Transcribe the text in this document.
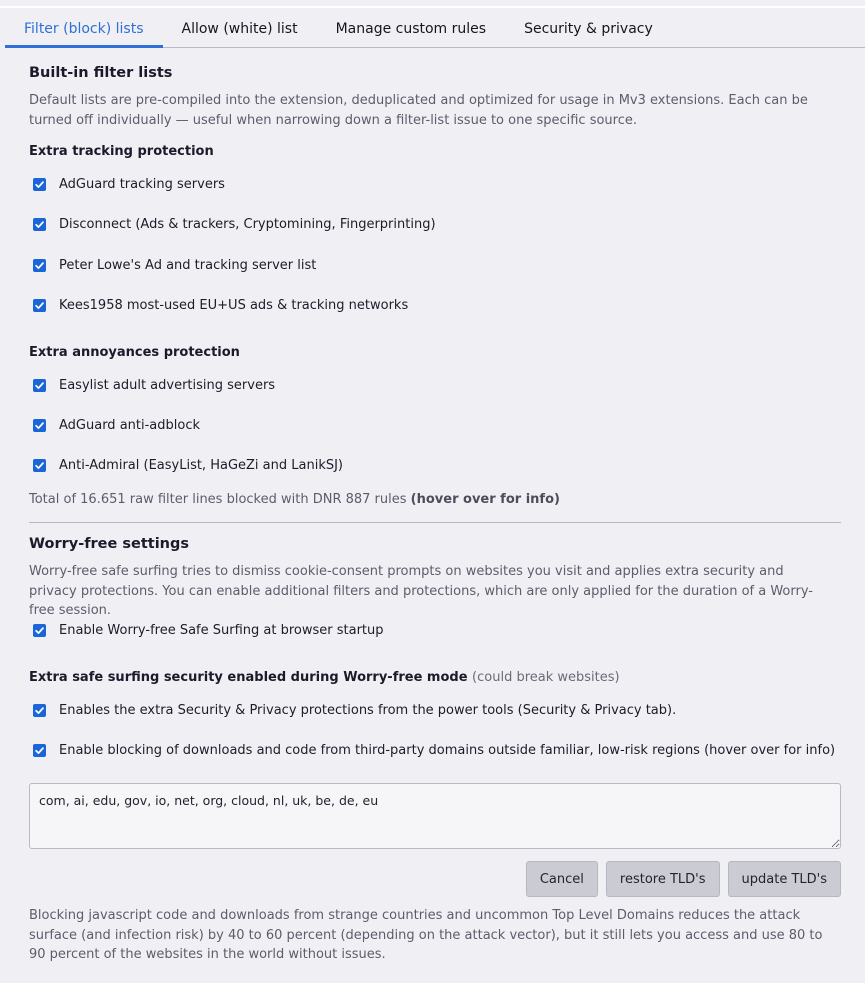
Filter (block) lists	Allow (white) list	Manage custom rules	Security & privacy
Built-in filter lists
Default lists are pre-compiled into the extension, deduplicated and optimized for usage in Mv3 extensions. Each can be turned off individually — useful when narrowing down a filter-list issue to one specific source.
Extra tracking protection
AdGuard tracking servers
Disconnect (Ads & trackers, Cryptomining, Fingerprinting)
Peter Lowe's Ad and tracking server list
Kees1958 most-used EU+US ads & tracking networks
Extra annoyances protection
Easylist adult advertising servers
AdGuard anti-adblock
Anti-Admiral (EasyList, HaGeZi and LanikSJ)
Total of 16.651 raw filter lines blocked with DNR 887 rules (hover over for info)
Worry-free settings
Worry-free safe surfing tries to dismiss cookie-consent prompts on websites you visit and applies extra security and privacy protections. You can enable additional filters and protections, which are only applied for the duration of a Worry-free session.
Enable Worry-free Safe Surfing at browser startup
Extra safe surfing security enabled during Worry-free mode (could break websites)
Enables the extra Security & Privacy protections from the power tools (Security & Privacy tab).
Enable blocking of downloads and code from third-party domains outside familiar, low-risk regions (hover over for info)
com, ai, edu, gov, io, net, org, cloud, nl, uk, be, de, eu
Cancel	restore TLD's	update TLD's
Blocking javascript code and downloads from strange countries and uncommon Top Level Domains reduces the attack surface (and infection risk) by 40 to 60 percent (depending on the attack vector), but it still lets you access and use 80 to 90 percent of the websites in the world without issues.
